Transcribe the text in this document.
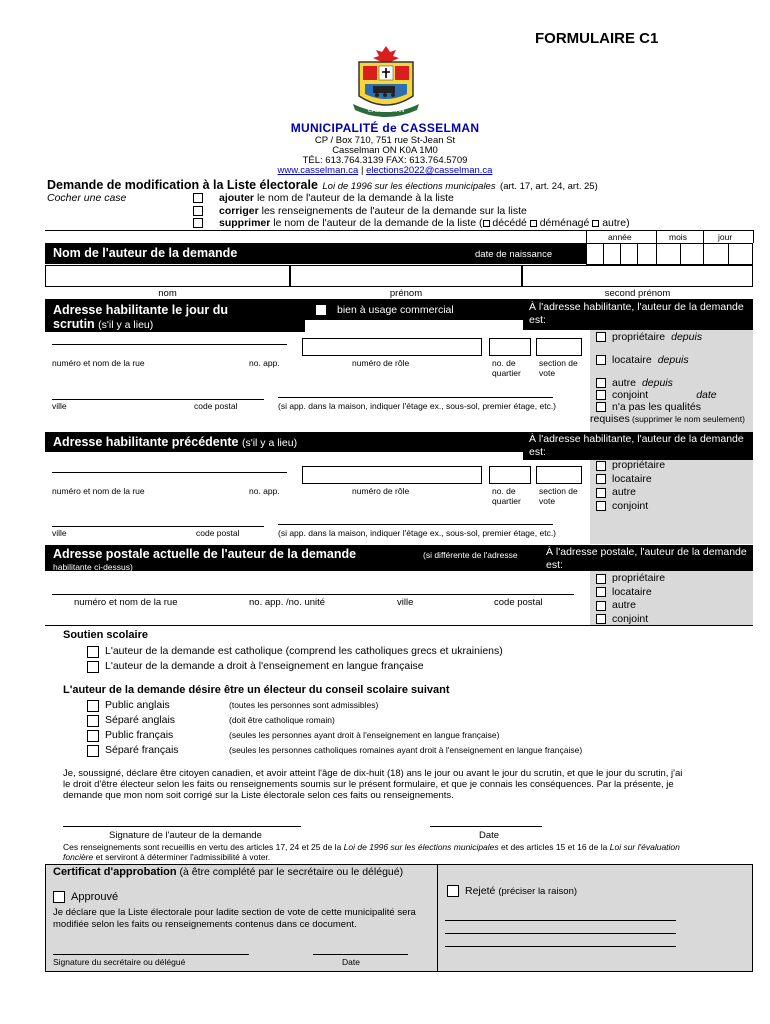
FORMULAIRE C1
CASSELMAN
MUNICIPALITÉ de CASSELMAN
CP / Box 710, 751 rue St-Jean St
Casselman ON K0A 1M0
TÉL: 613.764.3139 FAX: 613.764.5709
www.casselman.ca | elections2022@casselman.ca
Demande de modification à la Liste électorale Loi de 1996 sur les élections municipales (art. 17, art. 24, art. 25)
Cocher une case	ajouter le nom de l'auteur de la demande à la liste
corriger les renseignements de l'auteur de la demande sur la liste
supprimer le nom de l'auteur de la demande de la liste ( décédé déménagé autre)
année	mois	jour
Nom de l'auteur de la demande	date de naissance
nom	prénom	second prénom
Adresse habilitante le jour du
scrutin (s'il y a lieu)
bien à usage commercial	À l'adresse habilitante, l'auteur de la demande est:
propriétaire depuis
locataire depuis
autre depuis
conjoint	date
n'a pas les qualités
requises (supprimer le nom seulement)
numéro et nom de la rue	no. app.	numéro de rôle	no. de quartier
section de vote
ville	code postal	(si app. dans la maison, indiquer l'étage ex., sous-sol, premier étage, etc.)
Adresse habilitante précédente (s'il y a lieu)	À l'adresse habilitante, l'auteur de la demande est:
propriétaire
locataire
autre
conjoint
numéro et nom de la rue	no. app.	numéro de rôle	no. de quartier
section de vote
ville	code postal	(si app. dans la maison, indiquer l'étage ex., sous-sol, premier étage, etc.)
Adresse postale actuelle de l'auteur de la demande	(si différente de l'adresse habilitante ci-dessus)
À l'adresse postale, l'auteur de la demande est:
propriétaire
locataire
autre
conjoint
numéro et nom de la rue	no. app. /no. unité	ville	code postal
Soutien scolaire
L'auteur de la demande est catholique (comprend les catholiques grecs et ukrainiens)
L'auteur de la demande a droit à l'enseignement en langue française
L'auteur de la demande désire être un électeur du conseil scolaire suivant
Public anglais	(toutes les personnes sont admissibles)
Séparé anglais	(doit être catholique romain)
Public français	(seules les personnes ayant droit à l'enseignement en langue française)
Séparé français	(seules les personnes catholiques romaines ayant droit à l'enseignement en langue française)
Je, soussigné, déclare être citoyen canadien, et avoir atteint l'âge de dix-huit (18) ans le jour ou avant le jour du scrutin, et que le jour du scrutin, j'ai le droit d'être électeur selon les faits ou renseignements soumis sur le présent formulaire, et que je connais les conséquences. Par la présente, je demande que mon nom soit corrigé sur la Liste électorale selon ces faits ou renseignements.
Signature de l'auteur de la demande	Date
Ces renseignements sont recueillis en vertu des articles 17, 24 et 25 de la Loi de 1996 sur les élections municipales et des articles 15 et 16 de la Loi sur l'évaluation foncière et serviront à déterminer l'admissibilité à voter.
Certificat d'approbation (à être complété par le secrétaire ou le délégué)
Approuvé
Je déclare que la Liste électorale pour ladite section de vote de cette municipalité sera modifiée selon les faits ou renseignements contenus dans ce document.
Signature du secrétaire ou délégué	Date
Rejeté (préciser la raison)
